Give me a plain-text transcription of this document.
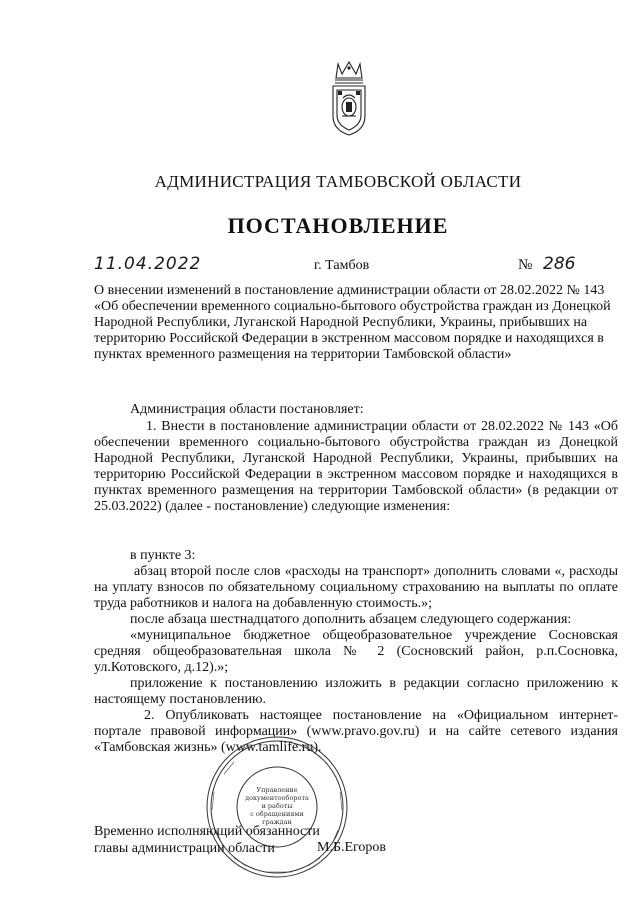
АДМИНИСТРАЦИЯ ТАМБОВСКОЙ ОБЛАСТИ
ПОСТАНОВЛЕНИЕ
11.04.2022	г. Тамбов	№ 286
О внесении изменений в постановление администрации области от 28.02.2022 № 143 «Об обеспечении временного социально-бытового обустройства граждан из Донецкой Народной Республики, Луганской Народной Республики, Украины, прибывших на территорию Российской Федерации в экстренном массовом порядке и находящихся в пунктах временного размещения на территории Тамбовской области»
Администрация области постановляет:
1. Внести в постановление администрации области от 28.02.2022 № 143 «Об обеспечении временного социально-бытового обустройства граждан из Донецкой Народной Республики, Луганской Народной Республики, Украины, прибывших на территорию Российской Федерации в экстренном массовом порядке и находящихся в пунктах временного размещения на территории Тамбовской области» (в редакции от 25.03.2022) (далее - постановление) следующие изменения:
в пункте 3:
абзац второй после слов «расходы на транспорт» дополнить словами «, расходы на уплату взносов по обязательному социальному страхованию на выплаты по оплате труда работников и налога на добавленную стоимость.»;
после абзаца шестнадцатого дополнить абзацем следующего содержания:
«муниципальное бюджетное общеобразовательное учреждение Сосновская средняя общеобразовательная школа № 2 (Сосновский район, р.п.Сосновка, ул.Котовского, д.12).»;
приложение к постановлению изложить в редакции согласно приложению к настоящему постановлению.
2. Опубликовать настоящее постановление на «Официальном интернет-портале правовой информации» (www.pravo.gov.ru) и на сайте сетевого издания «Тамбовская жизнь» (www.tamlife.ru).
Управление
документооборота
и работы
с обращениями
граждан
Временно исполняющий обязанности
главы администрации области	М.Б.Егоров
